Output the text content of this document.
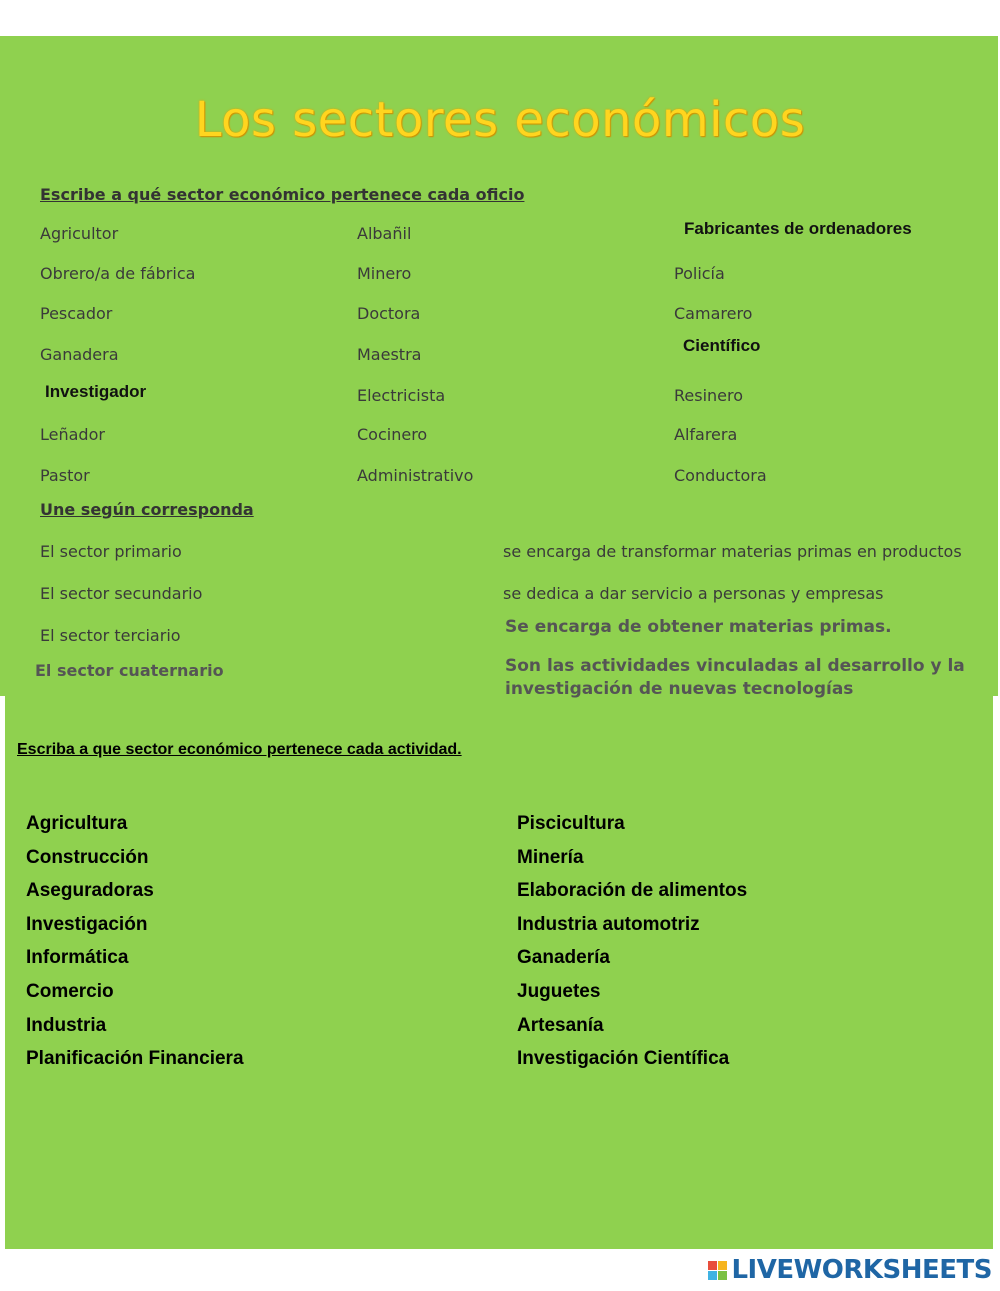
Los sectores económicos
Escribe a qué sector económico pertenece cada oficio
Agricultor
Obrero/a de fábrica
Pescador
Ganadera
Investigador
Leñador
Pastor
Albañil
Minero
Doctora
Maestra
Electricista
Cocinero
Administrativo
Fabricantes de ordenadores
Policía
Camarero
Científico
Resinero
Alfarera
Conductora
Une según corresponda
El sector primario
El sector secundario
El sector terciario
El sector cuaternario
se encarga de transformar materias primas en productos
se dedica a dar servicio a personas y empresas
Se encarga de obtener materias primas.
Son las actividades vinculadas al desarrollo y la investigación de nuevas tecnologías
Escriba a que sector económico pertenece cada actividad.
Agricultura
Construcción
Aseguradoras
Investigación
Informática
Comercio
Industria
Planificación Financiera
Piscicultura
Minería
Elaboración de alimentos
Industria automotriz
Ganadería
Juguetes
Artesanía
Investigación Científica
LIVEWORKSHEETS
